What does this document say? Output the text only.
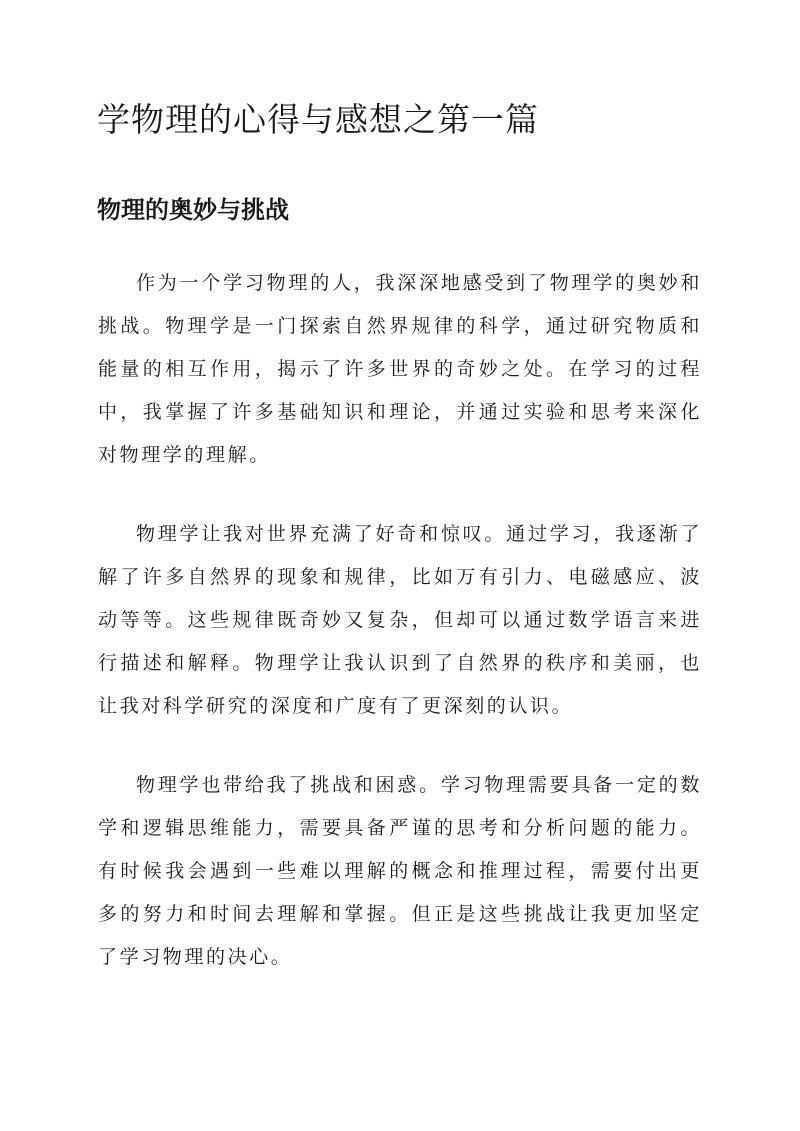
学物理的心得与感想之第一篇
物理的奥妙与挑战

作为一个学习物理的人，我深深地感受到了物理学的奥妙和挑战。物理学是一门探索自然界规律的科学，通过研究物质和能量的相互作用，揭示了许多世界的奇妙之处。在学习的过程中，我掌握了许多基础知识和理论，并通过实验和思考来深化对物理学的理解。

物理学让我对世界充满了好奇和惊叹。通过学习，我逐渐了解了许多自然界的现象和规律，比如万有引力、电磁感应、波动等等。这些规律既奇妙又复杂，但却可以通过数学语言来进行描述和解释。物理学让我认识到了自然界的秩序和美丽，也让我对科学研究的深度和广度有了更深刻的认识。

物理学也带给我了挑战和困惑。学习物理需要具备一定的数学和逻辑思维能力，需要具备严谨的思考和分析问题的能力。有时候我会遇到一些难以理解的概念和推理过程，需要付出更多的努力和时间去理解和掌握。但正是这些挑战让我更加坚定了学习物理的决心。
